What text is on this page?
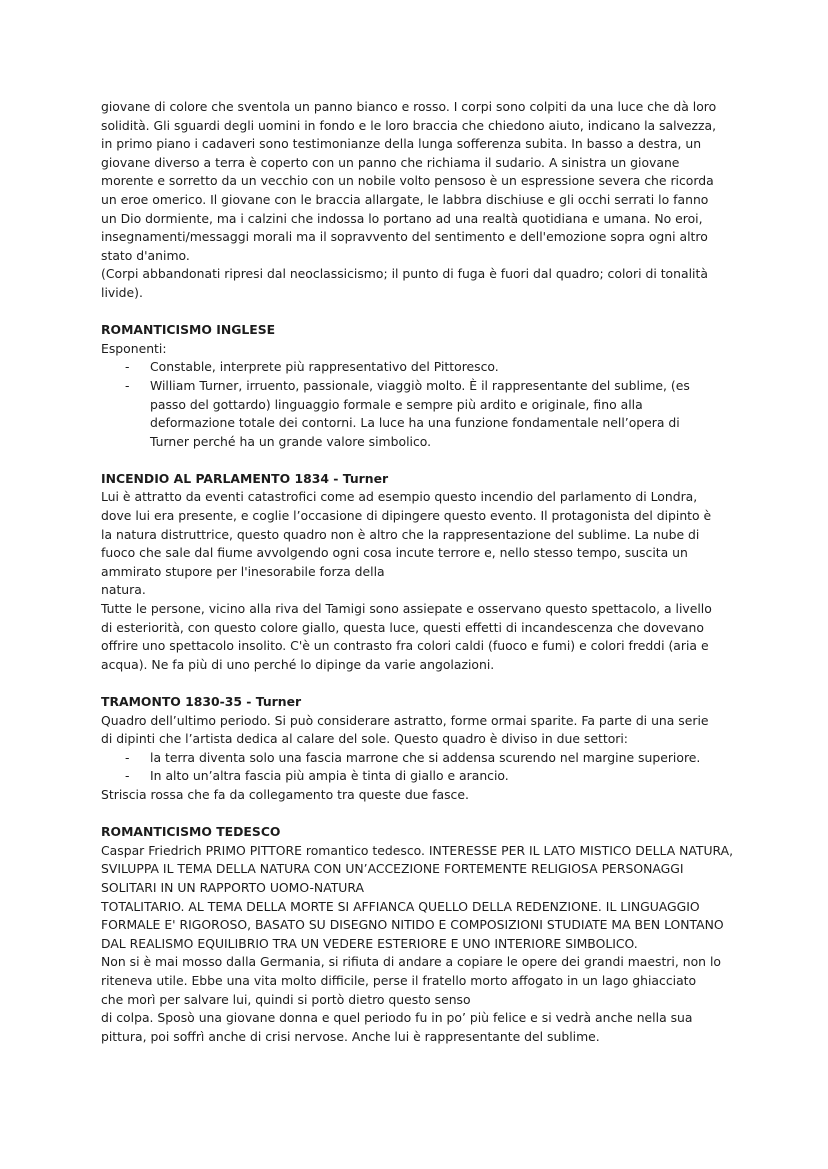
giovane di colore che sventola un panno bianco e rosso. I corpi sono colpiti da una luce che dà loro
solidità. Gli sguardi degli uomini in fondo e le loro braccia che chiedono aiuto, indicano la salvezza,
in primo piano i cadaveri sono testimonianze della lunga sofferenza subita. In basso a destra, un
giovane diverso a terra è coperto con un panno che richiama il sudario. A sinistra un giovane
morente e sorretto da un vecchio con un nobile volto pensoso è un espressione severa che ricorda
un eroe omerico. Il giovane con le braccia allargate, le labbra dischiuse e gli occhi serrati lo fanno
un Dio dormiente, ma i calzini che indossa lo portano ad una realtà quotidiana e umana. No eroi,
insegnamenti/messaggi morali ma il sopravvento del sentimento e dell'emozione sopra ogni altro
stato d'animo.
(Corpi abbandonati ripresi dal neoclassicismo; il punto di fuga è fuori dal quadro; colori di tonalità
livide).
ROMANTICISMO INGLESE
Esponenti:
- Constable, interprete più rappresentativo del Pittoresco.
- William Turner, irruento, passionale, viaggiò molto. È il rappresentante del sublime, (es
passo del gottardo) linguaggio formale e sempre più ardito e originale, fino alla
deformazione totale dei contorni. La luce ha una funzione fondamentale nell’opera di
Turner perché ha un grande valore simbolico.
INCENDIO AL PARLAMENTO 1834 - Turner
Lui è attratto da eventi catastrofici come ad esempio questo incendio del parlamento di Londra,
dove lui era presente, e coglie l’occasione di dipingere questo evento. Il protagonista del dipinto è
la natura distruttrice, questo quadro non è altro che la rappresentazione del sublime. La nube di
fuoco che sale dal fiume avvolgendo ogni cosa incute terrore e, nello stesso tempo, suscita un
ammirato stupore per l'inesorabile forza della
natura.
Tutte le persone, vicino alla riva del Tamigi sono assiepate e osservano questo spettacolo, a livello
di esteriorità, con questo colore giallo, questa luce, questi effetti di incandescenza che dovevano
offrire uno spettacolo insolito. C'è un contrasto fra colori caldi (fuoco e fumi) e colori freddi (aria e
acqua). Ne fa più di uno perché lo dipinge da varie angolazioni.
TRAMONTO 1830-35 - Turner
Quadro dell’ultimo periodo. Si può considerare astratto, forme ormai sparite. Fa parte di una serie
di dipinti che l’artista dedica al calare del sole. Questo quadro è diviso in due settori:
- la terra diventa solo una fascia marrone che si addensa scurendo nel margine superiore.
- In alto un’altra fascia più ampia è tinta di giallo e arancio.
Striscia rossa che fa da collegamento tra queste due fasce.
ROMANTICISMO TEDESCO
Caspar Friedrich PRIMO PITTORE romantico tedesco. INTERESSE PER IL LATO MISTICO DELLA NATURA,
SVILUPPA IL TEMA DELLA NATURA CON UN’ACCEZIONE FORTEMENTE RELIGIOSA PERSONAGGI
SOLITARI IN UN RAPPORTO UOMO-NATURA
TOTALITARIO. AL TEMA DELLA MORTE SI AFFIANCA QUELLO DELLA REDENZIONE. IL LINGUAGGIO
FORMALE E' RIGOROSO, BASATO SU DISEGNO NITIDO E COMPOSIZIONI STUDIATE MA BEN LONTANO
DAL REALISMO EQUILIBRIO TRA UN VEDERE ESTERIORE E UNO INTERIORE SIMBOLICO.
Non si è mai mosso dalla Germania, si rifiuta di andare a copiare le opere dei grandi maestri, non lo
riteneva utile. Ebbe una vita molto difficile, perse il fratello morto affogato in un lago ghiacciato
che morì per salvare lui, quindi si portò dietro questo senso
di colpa. Sposò una giovane donna e quel periodo fu in po’ più felice e si vedrà anche nella sua
pittura, poi soffrì anche di crisi nervose. Anche lui è rappresentante del sublime.
